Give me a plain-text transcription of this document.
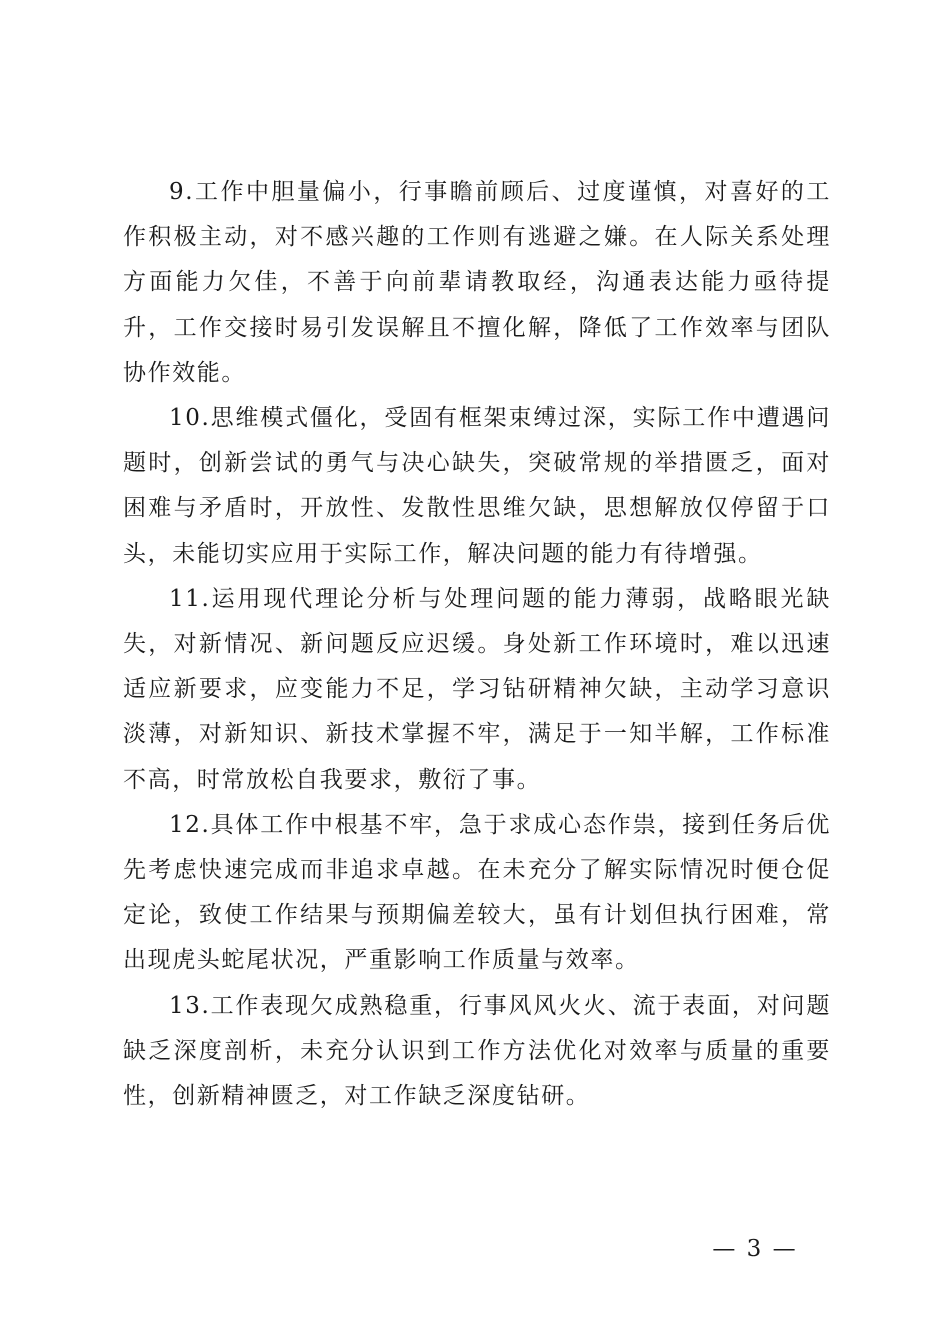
9.工作中胆量偏小，行事瞻前顾后、过度谨慎，对喜好的工作积极主动，对不感兴趣的工作则有逃避之嫌。在人际关系处理方面能力欠佳，不善于向前辈请教取经，沟通表达能力亟待提升，工作交接时易引发误解且不擅化解，降低了工作效率与团队协作效能。

10.思维模式僵化，受固有框架束缚过深，实际工作中遭遇问题时，创新尝试的勇气与决心缺失，突破常规的举措匮乏，面对困难与矛盾时，开放性、发散性思维欠缺，思想解放仅停留于口头，未能切实应用于实际工作，解决问题的能力有待增强。

11.运用现代理论分析与处理问题的能力薄弱，战略眼光缺失，对新情况、新问题反应迟缓。身处新工作环境时，难以迅速适应新要求，应变能力不足，学习钻研精神欠缺，主动学习意识淡薄，对新知识、新技术掌握不牢，满足于一知半解，工作标准不高，时常放松自我要求，敷衍了事。

12.具体工作中根基不牢，急于求成心态作祟，接到任务后优先考虑快速完成而非追求卓越。在未充分了解实际情况时便仓促定论，致使工作结果与预期偏差较大，虽有计划但执行困难，常出现虎头蛇尾状况，严重影响工作质量与效率。

13.工作表现欠成熟稳重，行事风风火火、流于表面，对问题缺乏深度剖析，未充分认识到工作方法优化对效率与质量的重要性，创新精神匮乏，对工作缺乏深度钻研。

— 3 —
